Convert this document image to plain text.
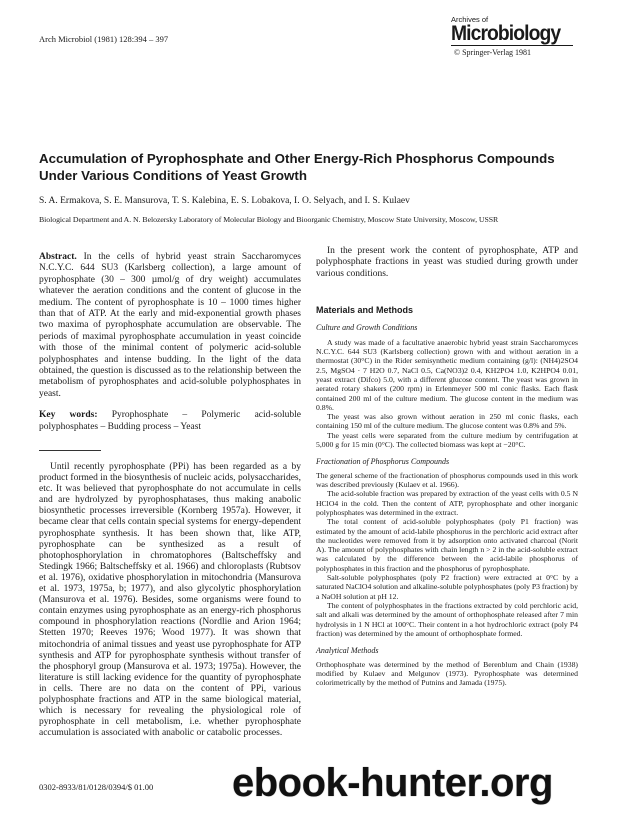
Arch Microbiol (1981) 128:394 – 397
Archives of
Microbiology
© Springer-Verlag 1981
Accumulation of Pyrophosphate and Other Energy-Rich Phosphorus Compounds Under Various Conditions of Yeast Growth
S. A. Ermakova, S. E. Mansurova, T. S. Kalebina, E. S. Lobakova, I. O. Selyach, and I. S. Kulaev
Biological Department and A. N. Belozersky Laboratory of Molecular Biology and Bioorganic Chemistry, Moscow State University, Moscow, USSR

Abstract. In the cells of hybrid yeast strain Saccharomyces N.C.Y.C. 644 SU3 (Karlsberg collection), a large amount of pyrophosphate (30 – 300 µmol/g of dry weight) accumulates whatever the aeration conditions and the content of glucose in the medium. The content of pyrophosphate is 10 – 1000 times higher than that of ATP. At the early and mid-exponential growth phases two maxima of pyrophosphate accumulation are observable. The periods of maximal pyrophosphate accumulation in yeast coincide with those of the minimal content of polymeric acid-soluble polyphosphates and intense budding. In the light of the data obtained, the question is discussed as to the relationship between the metabolism of pyrophosphates and acid-soluble polyphosphates in yeast.

Key words: Pyrophosphate – Polymeric acid-soluble polyphosphates – Budding process – Yeast

Until recently pyrophosphate (PPi) has been regarded as a by product formed in the biosynthesis of nucleic acids, polysaccharides, etc. It was believed that pyrophosphate do not accumulate in cells and are hydrolyzed by pyrophosphatases, thus making anabolic biosynthetic processes irreversible (Kornberg 1957a). However, it became clear that cells contain special systems for energy-dependent pyrophosphate synthesis. It has been shown that, like ATP, pyrophosphate can be synthesized as a result of photophosphorylation in chromatophores (Baltscheffsky and Stedingk 1966; Baltscheffsky et al. 1966) and chloroplasts (Rubtsov et al. 1976), oxidative phosphorylation in mitochondria (Mansurova et al. 1973, 1975a, b; 1977), and also glycolytic phosphorylation (Mansurova et al. 1976). Besides, some organisms were found to contain enzymes using pyrophosphate as an energy-rich phosphorus compound in phosphorylation reactions (Nordlie and Arion 1964; Stetten 1970; Reeves 1976; Wood 1977). It was shown that mitochondria of animal tissues and yeast use pyrophosphate for ATP synthesis and ATP for pyrophosphate synthesis without transfer of the phosphoryl group (Mansurova et al. 1973; 1975a). However, the literature is still lacking evidence for the quantity of pyrophosphate in cells. There are no data on the content of PPi, various polyphosphate fractions and ATP in the same biological material, which is necessary for revealing the physiological role of pyrophosphate in cell metabolism, i.e. whether pyrophosphate accumulation is associated with anabolic or catabolic processes.

0302-8933/81/0128/0394/$ 01.00

In the present work the content of pyrophosphate, ATP and polyphosphate fractions in yeast was studied during growth under various conditions.

Materials and Methods
Culture and Growth Conditions

A study was made of a facultative anaerobic hybrid yeast strain Saccharomyces N.C.Y.C. 644 SU3 (Karlsberg collection) grown with and without aeration in a thermostat (30°C) in the Rider semisynthetic medium containing (g/l): (NH4)2SO4 2.5, MgSO4 · 7 H2O 0.7, NaCl 0.5, Ca(NO3)2 0.4, KH2PO4 1.0, K2HPO4 0.01, yeast extract (Difco) 5.0, with a different glucose content. The yeast was grown in aerated rotary shakers (200 rpm) in Erlenmeyer 500 ml conic flasks. Each flask contained 200 ml of the culture medium. The glucose content in the medium was 0.8%.

The yeast was also grown without aeration in 250 ml conic flasks, each containing 150 ml of the culture medium. The glucose content was 0.8% and 5%.

The yeast cells were separated from the culture medium by centrifugation at 5,000 g for 15 min (0°C). The collected biomass was kept at −20°C.

Fractionation of Phosphorus Compounds

The general scheme of the fractionation of phosphorus compounds used in this work was described previously (Kulaev et al. 1966).

The acid-soluble fraction was prepared by extraction of the yeast cells with 0.5 N HClO4 in the cold. Then the content of ATP, pyrophosphate and other inorganic polyphosphates was determined in the extract.

The total content of acid-soluble polyphosphates (poly P1 fraction) was estimated by the amount of acid-labile phosphorus in the perchloric acid extract after the nucleotides were removed from it by adsorption onto activated charcoal (Norit A). The amount of polyphosphates with chain length n > 2 in the acid-soluble extract was calculated by the difference between the acid-labile phosphorus of polyphosphates in this fraction and the phosphorus of pyrophosphate.

Salt-soluble polyphosphates (poly P2 fraction) were extracted at 0°C by a saturated NaClO4 solution and alkaline-soluble polyphosphates (poly P3 fraction) by a NaOH solution at pH 12.

The content of polyphosphates in the fractions extracted by cold perchloric acid, salt and alkali was determined by the amount of orthophosphate released after 7 min hydrolysis in 1 N HCl at 100°C. Their content in a hot hydrochloric extract (poly P4 fraction) was determined by the amount of orthophosphate formed.

Analytical Methods

Orthophosphate was determined by the method of Berenblum and Chain (1938) modified by Kulaev and Melgunov (1973). Pyrophosphate was determined colorimetrically by the method of Putnins and Jamada (1975).

ebook-hunter.org
